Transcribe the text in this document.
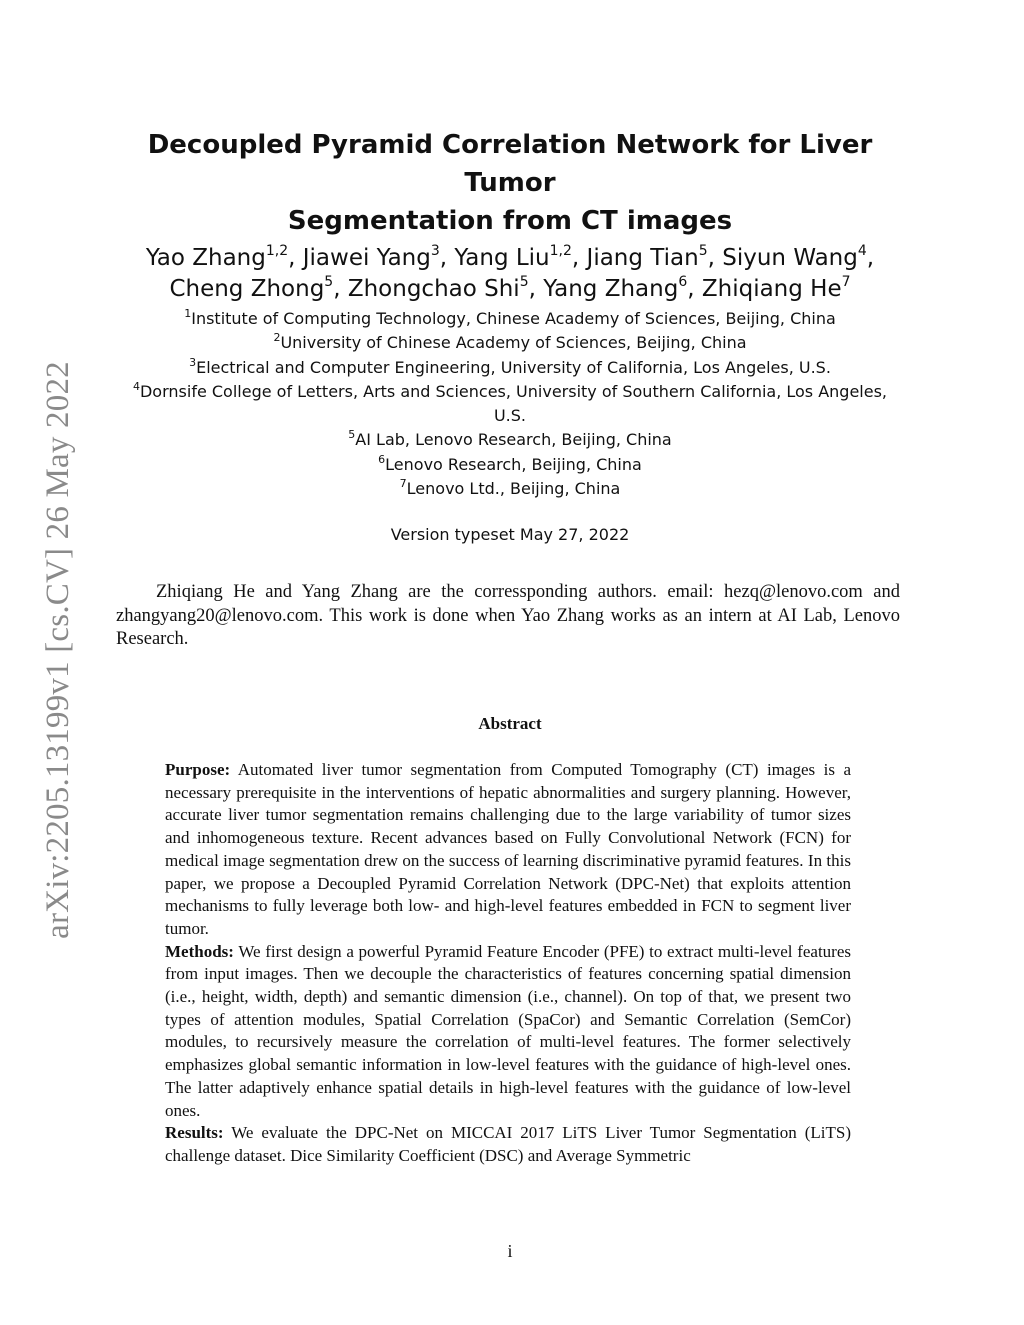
arXiv:2205.13199v1 [cs.CV] 26 May 2022
Decoupled Pyramid Correlation Network for Liver Tumor
Segmentation from CT images
Yao Zhang$^{1,2}$, Jiawei Yang$^3$, Yang Liu$^{1,2}$, Jiang Tian$^5$, Siyun Wang$^4$,
Cheng Zhong$^5$, Zhongchao Shi$^5$, Yang Zhang$^6$, Zhiqiang He$^7$
$^1$Institute of Computing Technology, Chinese Academy of Sciences, Beijing, China
$^2$University of Chinese Academy of Sciences, Beijing, China
$^3$Electrical and Computer Engineering, University of California, Los Angeles, U.S.
$^4$Dornsife College of Letters, Arts and Sciences, University of Southern California, Los Angeles,
U.S.
$^5$AI Lab, Lenovo Research, Beijing, China
$^6$Lenovo Research, Beijing, China
$^7$Lenovo Ltd., Beijing, China
Version typeset May 27, 2022

Zhiqiang He and Yang Zhang are the corressponding authors. email: hezq@lenovo.com and zhangyang20@lenovo.com. This work is done when Yao Zhang works as an intern at AI Lab, Lenovo Research.

Abstract

Purpose: Automated liver tumor segmentation from Computed Tomography (CT) images is a necessary prerequisite in the interventions of hepatic abnormalities and surgery planning. However, accurate liver tumor segmentation remains challenging due to the large variability of tumor sizes and inhomogeneous texture. Recent advances based on Fully Convolutional Network (FCN) for medical image segmentation drew on the success of learning discriminative pyramid features. In this paper, we propose a Decoupled Pyramid Correlation Network (DPC-Net) that exploits attention mechanisms to fully leverage both low- and high-level features embedded in FCN to segment liver tumor.

Methods: We first design a powerful Pyramid Feature Encoder (PFE) to extract multi-level features from input images. Then we decouple the characteristics of features concerning spatial dimension (i.e., height, width, depth) and semantic dimension (i.e., channel). On top of that, we present two types of attention modules, Spatial Correlation (SpaCor) and Semantic Correlation (SemCor) modules, to recursively measure the correlation of multi-level features. The former selectively emphasizes global semantic information in low-level features with the guidance of high-level ones. The latter adaptively enhance spatial details in high-level features with the guidance of low-level ones.

Results: We evaluate the DPC-Net on MICCAI 2017 LiTS Liver Tumor Segmentation (LiTS) challenge dataset. Dice Similarity Coefficient (DSC) and Average Symmetric

i
